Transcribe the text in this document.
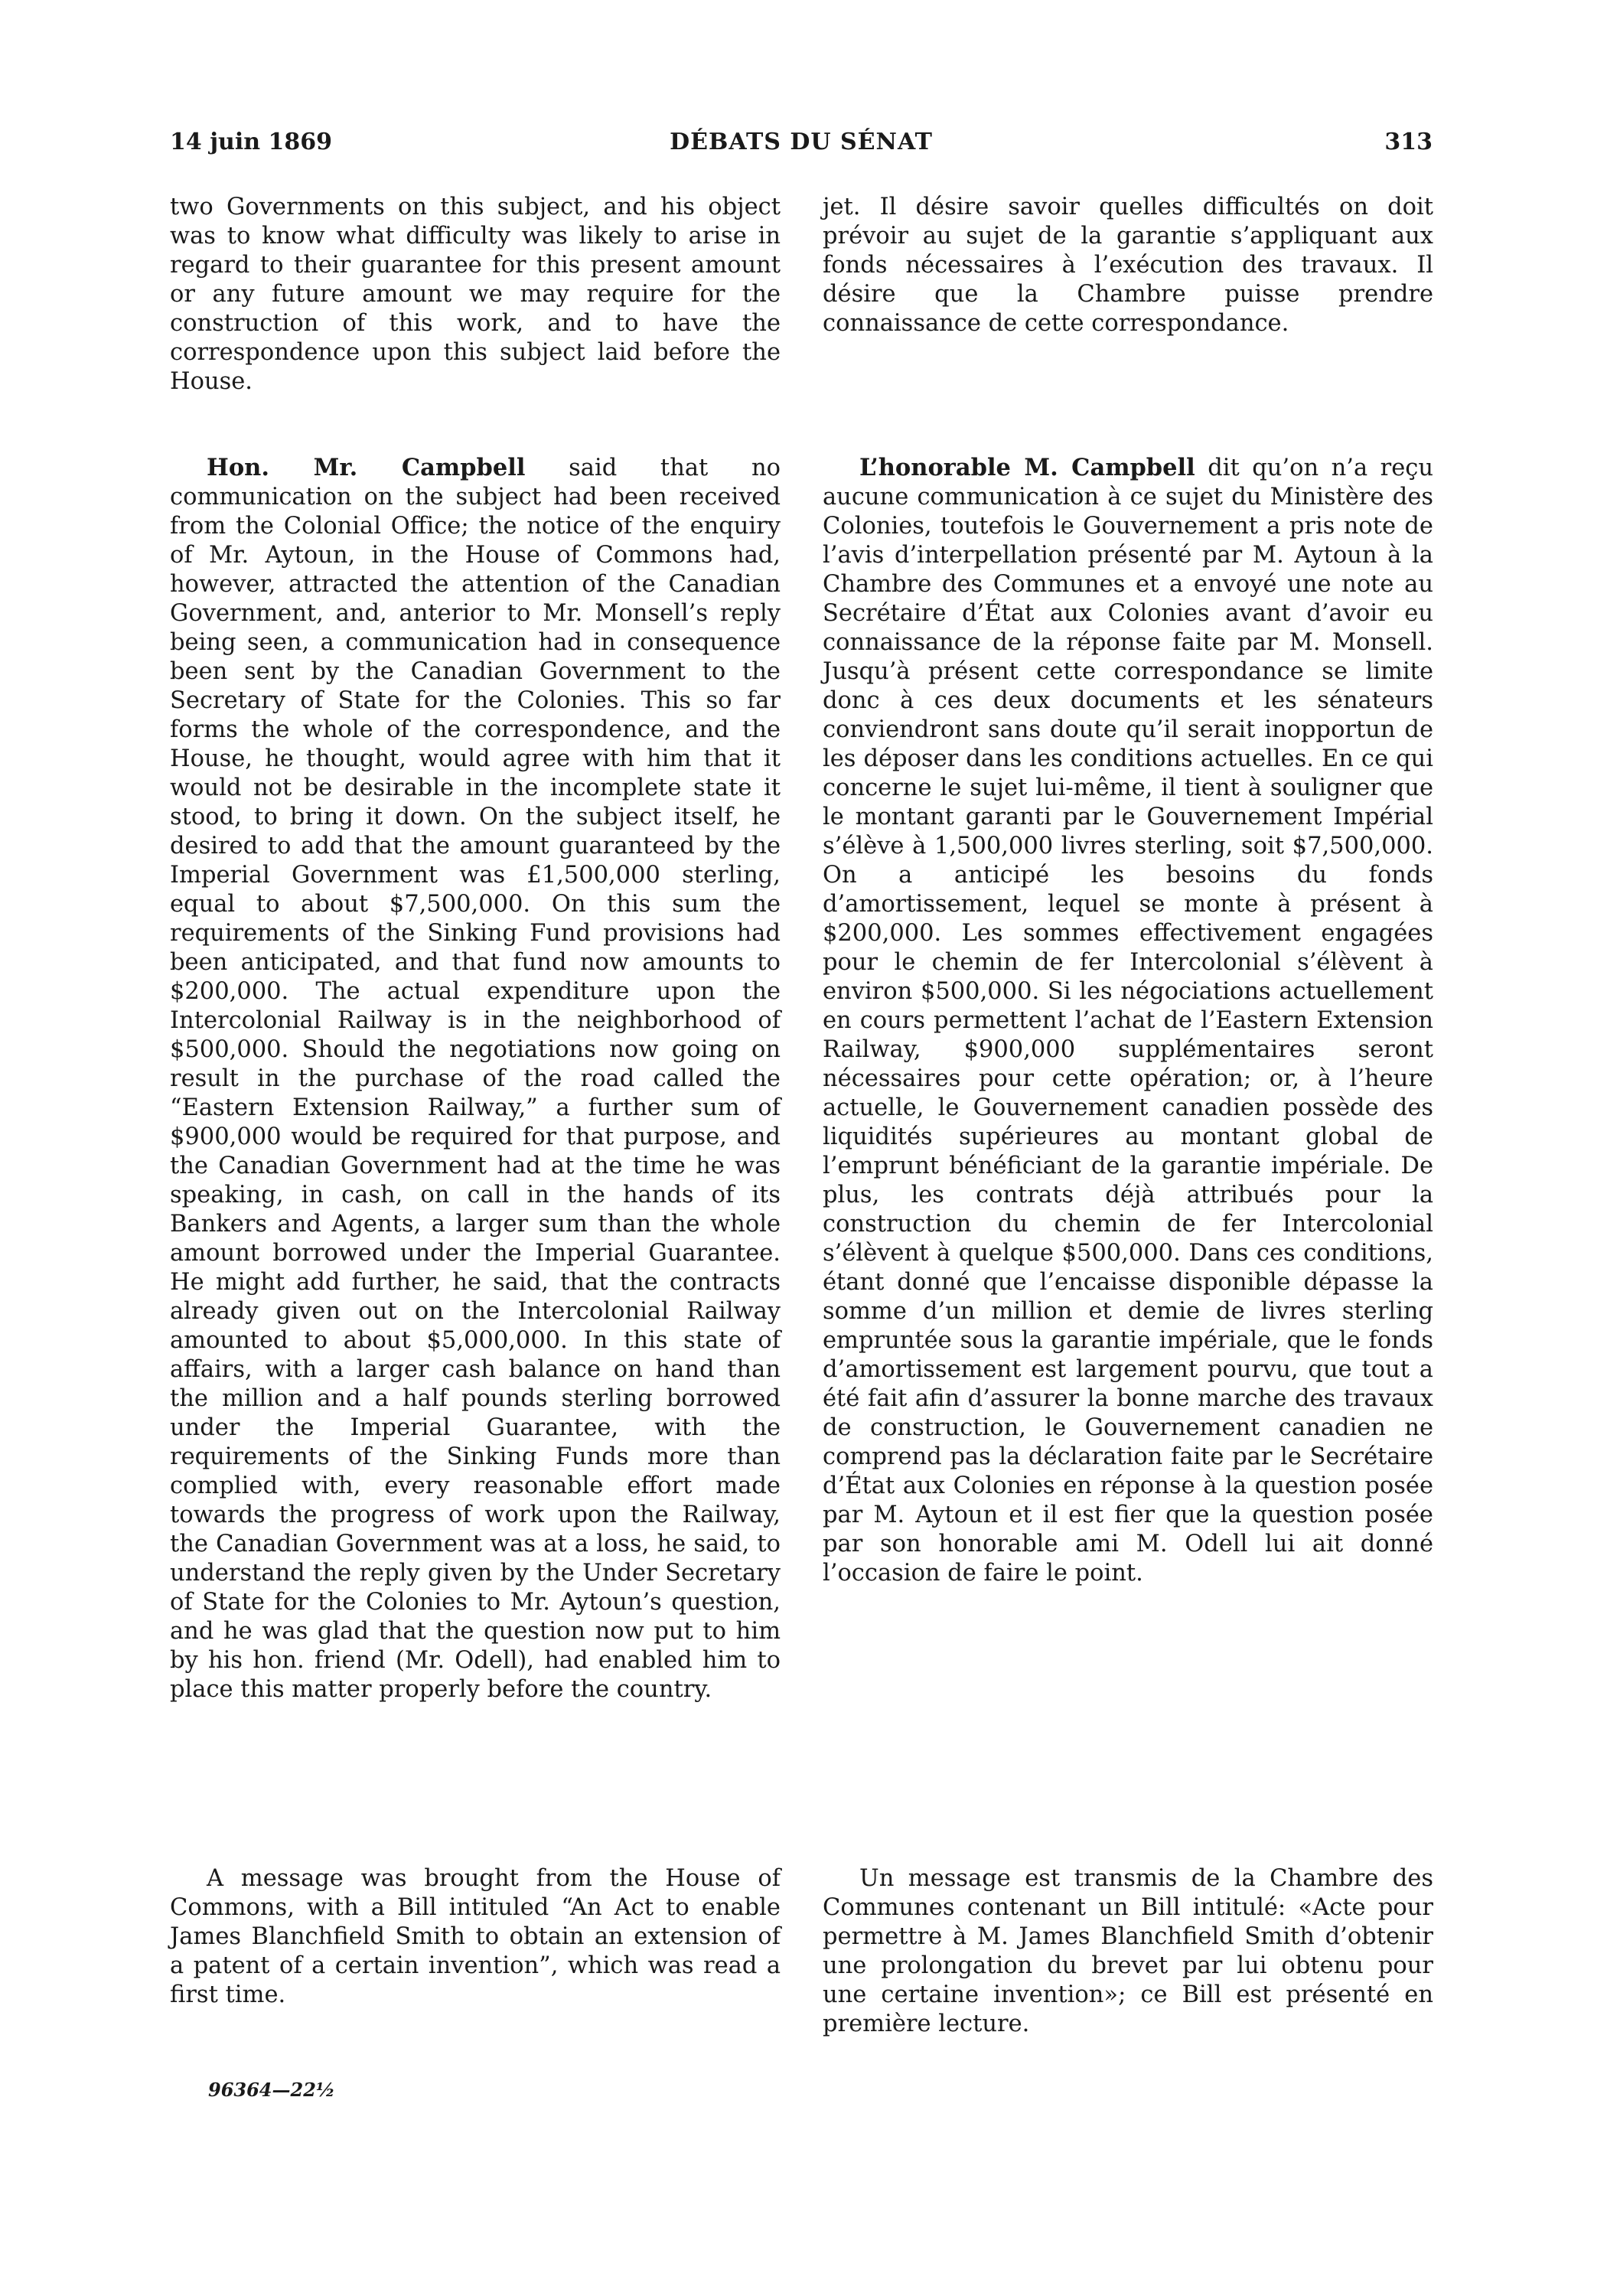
14 juin 1869	DÉBATS DU SÉNAT	313

two Governments on this subject, and his object was to know what difficulty was likely to arise in regard to their guarantee for this present amount or any future amount we may require for the construction of this work, and to have the correspondence upon this subject laid before the House.

Hon. Mr. Campbell said that no communication on the subject had been received from the Colonial Office; the notice of the enquiry of Mr. Aytoun, in the House of Commons had, however, attracted the attention of the Canadian Government, and, anterior to Mr. Monsell’s reply being seen, a communication had in consequence been sent by the Canadian Government to the Secretary of State for the Colonies. This so far forms the whole of the correspondence, and the House, he thought, would agree with him that it would not be desirable in the incomplete state it stood, to bring it down. On the subject itself, he desired to add that the amount guaranteed by the Imperial Government was £1,500,000 sterling, equal to about $7,500,000. On this sum the requirements of the Sinking Fund provisions had been anticipated, and that fund now amounts to $200,000. The actual expenditure upon the Intercolonial Railway is in the neighborhood of $500,000. Should the negotiations now going on result in the purchase of the road called the “Eastern Extension Railway,” a further sum of $900,000 would be required for that purpose, and the Canadian Government had at the time he was speaking, in cash, on call in the hands of its Bankers and Agents, a larger sum than the whole amount borrowed under the Imperial Guarantee. He might add further, he said, that the contracts already given out on the Intercolonial Railway amounted to about $5,000,000. In this state of affairs, with a larger cash balance on hand than the million and a half pounds sterling borrowed under the Imperial Guarantee, with the requirements of the Sinking Funds more than complied with, every reasonable effort made towards the progress of work upon the Railway, the Canadian Government was at a loss, he said, to understand the reply given by the Under Secretary of State for the Colonies to Mr. Aytoun’s question, and he was glad that the question now put to him by his hon. friend (Mr. Odell), had enabled him to place this matter properly before the country.

A message was brought from the House of Commons, with a Bill intituled “An Act to enable James Blanchfield Smith to obtain an extension of a patent of a certain invention”, which was read a first time.

jet. Il désire savoir quelles difficultés on doit prévoir au sujet de la garantie s’appliquant aux fonds nécessaires à l’exécution des travaux. Il désire que la Chambre puisse prendre connaissance de cette correspondance.

L’honorable M. Campbell dit qu’on n’a reçu aucune communication à ce sujet du Ministère des Colonies, toutefois le Gouvernement a pris note de l’avis d’interpellation présenté par M. Aytoun à la Chambre des Communes et a envoyé une note au Secrétaire d’État aux Colonies avant d’avoir eu connaissance de la réponse faite par M. Monsell. Jusqu’à présent cette correspondance se limite donc à ces deux documents et les sénateurs conviendront sans doute qu’il serait inopportun de les déposer dans les conditions actuelles. En ce qui concerne le sujet lui-même, il tient à souligner que le montant garanti par le Gouvernement Impérial s’élève à 1,500,000 livres sterling, soit $7,500,000. On a anticipé les besoins du fonds d’amortissement, lequel se monte à présent à $200,000. Les sommes effectivement engagées pour le chemin de fer Intercolonial s’élèvent à environ $500,000. Si les négociations actuellement en cours permettent l’achat de l’Eastern Extension Railway, $900,000 supplémentaires seront nécessaires pour cette opération; or, à l’heure actuelle, le Gouvernement canadien possède des liquidités supérieures au montant global de l’emprunt bénéficiant de la garantie impériale. De plus, les contrats déjà attribués pour la construction du chemin de fer Intercolonial s’élèvent à quelque $500,000. Dans ces conditions, étant donné que l’encaisse disponible dépasse la somme d’un million et demie de livres sterling empruntée sous la garantie impériale, que le fonds d’amortissement est largement pourvu, que tout a été fait afin d’assurer la bonne marche des travaux de construction, le Gouvernement canadien ne comprend pas la déclaration faite par le Secrétaire d’État aux Colonies en réponse à la question posée par M. Aytoun et il est fier que la question posée par son honorable ami M. Odell lui ait donné l’occasion de faire le point.

Un message est transmis de la Chambre des Communes contenant un Bill intitulé: «Acte pour permettre à M. James Blanchfield Smith d’obtenir une prolongation du brevet par lui obtenu pour une certaine invention»; ce Bill est présenté en première lecture.

96364—22½
